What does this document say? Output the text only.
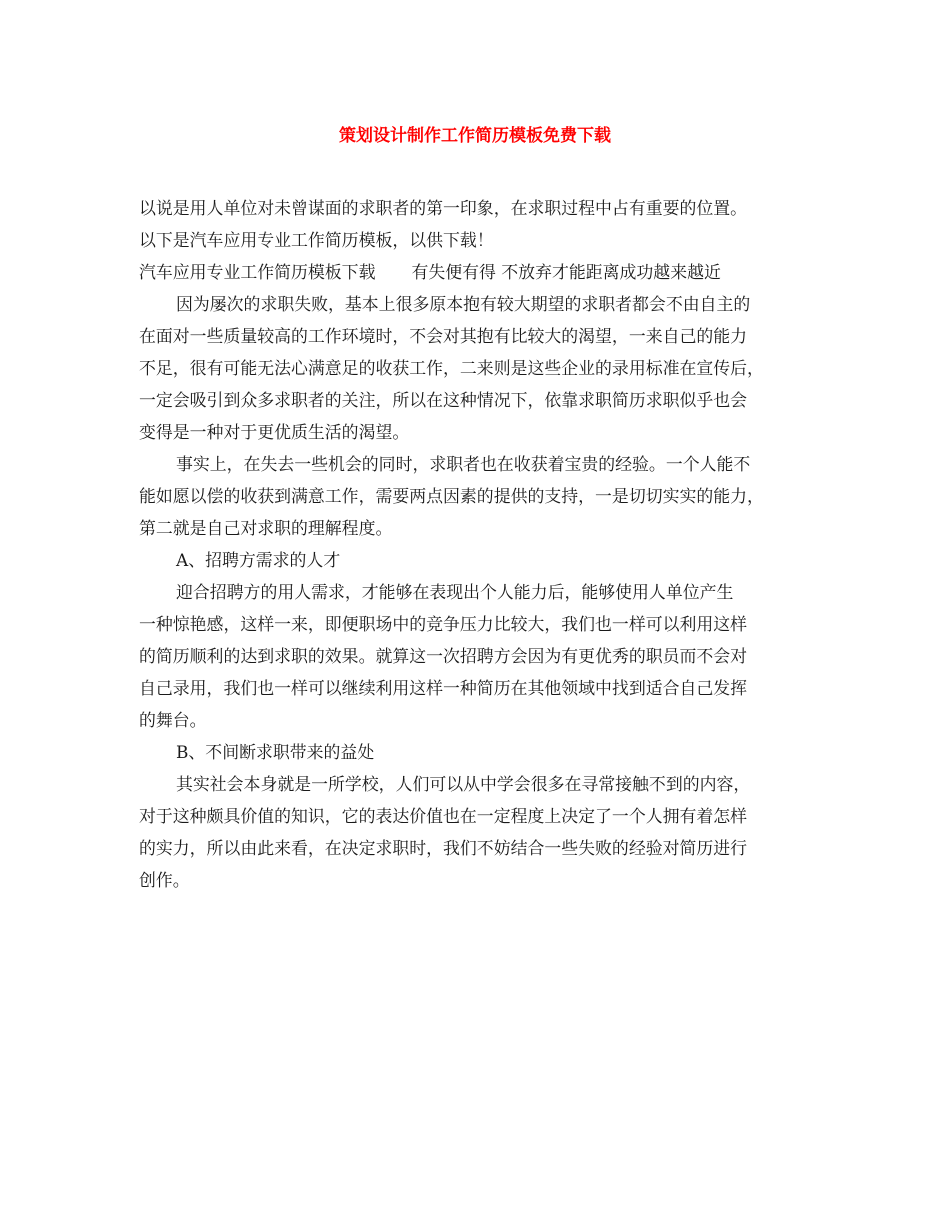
策划设计制作工作简历模板免费下载
以说是用人单位对未曾谋面的求职者的第一印象，在求职过程中占有重要的位置。
以下是汽车应用专业工作简历模板，以供下载！
汽车应用专业工作简历模板下载 有失便有得 不放弃才能距离成功越来越近
因为屡次的求职失败，基本上很多原本抱有较大期望的求职者都会不由自主的
在面对一些质量较高的工作环境时，不会对其抱有比较大的渴望，一来自己的能力
不足，很有可能无法心满意足的收获工作，二来则是这些企业的录用标准在宣传后，
一定会吸引到众多求职者的关注，所以在这种情况下，依靠求职简历求职似乎也会
变得是一种对于更优质生活的渴望。
事实上，在失去一些机会的同时，求职者也在收获着宝贵的经验。一个人能不
能如愿以偿的收获到满意工作，需要两点因素的提供的支持，一是切切实实的能力，
第二就是自己对求职的理解程度。
A、招聘方需求的人才
迎合招聘方的用人需求，才能够在表现出个人能力后，能够使用人单位产生
一种惊艳感，这样一来，即便职场中的竞争压力比较大，我们也一样可以利用这样
的简历顺利的达到求职的效果。就算这一次招聘方会因为有更优秀的职员而不会对
自己录用，我们也一样可以继续利用这样一种简历在其他领域中找到适合自己发挥
的舞台。
B、不间断求职带来的益处
其实社会本身就是一所学校，人们可以从中学会很多在寻常接触不到的内容，
对于这种颇具价值的知识，它的表达价值也在一定程度上决定了一个人拥有着怎样
的实力，所以由此来看，在决定求职时，我们不妨结合一些失败的经验对简历进行
创作。
